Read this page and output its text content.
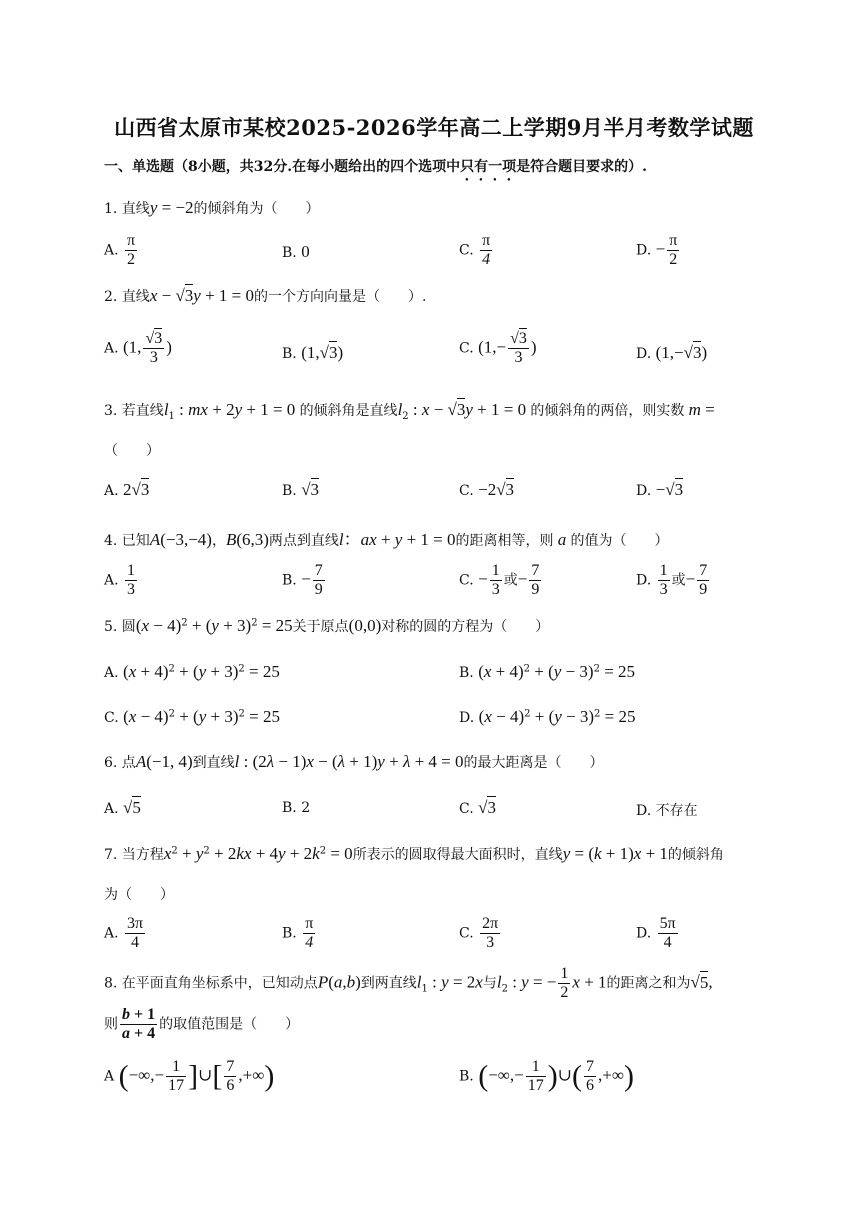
山西省太原市某校2025-2026学年高二上学期9月半月考数学试题
一、单选题（8小题，共32分.在每小题给出的四个选项中只有一项是符合题目要求的）.
1. 直线y = −2的倾斜角为（　　）
A. $\frac{\pi}{2}$	B. 0	C. $\frac{\pi}{4}$	D. − $\frac{\pi}{2}$
2. 直线x − √3y + 1 = 0的一个方向向量是（　　）.
A. (1, $\frac{√3}{3}$ )	B. (1,√3)	C. ($1,- \frac{√3}{3}$ )	D. (1,−√3)
3. 若直线$l_1$ : mx + 2y + 1 = 0 的倾斜角是直线$l_2$ : x − √3y + 1 = 0 的倾斜角的两倍，则实数 m =
（　　）
A. 2√3	B. √3	C. −2√3	D. −√3
4. 已知A(−3,−4)，B(6,3)两点到直线l：ax + y + 1 = 0的距离相等，则 a 的值为（　　）
A. $\frac{1}{3}$	B. − $\frac{7}{9}$	C. − $\frac{1}{3}$ 或− $\frac{7}{9}$	D. $\frac{1}{3}$ 或− $\frac{7}{9}$
5. 圆$(x - 4)^2 + (y + 3)^2 = 25$关于原点(0,0)对称的圆的方程为（　　）
A. $(x + 4)^2 + (y + 3)^2 = 25$	B. $(x + 4)^2 + (y - 3)^2 = 25$
C. $(x - 4)^2 + (y + 3)^2 = 25$	D. $(x - 4)^2 + (y - 3)^2 = 25$
6. 点A(−1, 4)到直线l : (2λ − 1)x − (λ + 1)y + λ + 4 = 0的最大距离是（　　）
A. √5	B. 2	C. √3	D. 不存在
7. 当方程$x^2 + y^2 + 2kx + 4y + 2k^2 = 0$所表示的圆取得最大面积时，直线y = (k + 1)x + 1的倾斜角
为（　　）
A. $\frac{3\pi}{4}$	B. $\frac{\pi}{4}$	C. $\frac{2\pi}{3}$	D. $\frac{5\pi}{4}$
8. 在平面直角坐标系中，已知动点P(a,b)到两直线$l_1$ : y = 2x与$l_2$ : y = − $\frac{1}{2}$ x + 1的距离之和为√5,
则 $\frac{b + 1}{a + 4}$ 的取值范围是（　　）
A (−∞,− $\frac{1}{17}$ ]∪[ $\frac{7}{6}$ ,+∞)	B. (−∞,− $\frac{1}{17}$ )∪( $\frac{7}{6}$ ,+∞)
